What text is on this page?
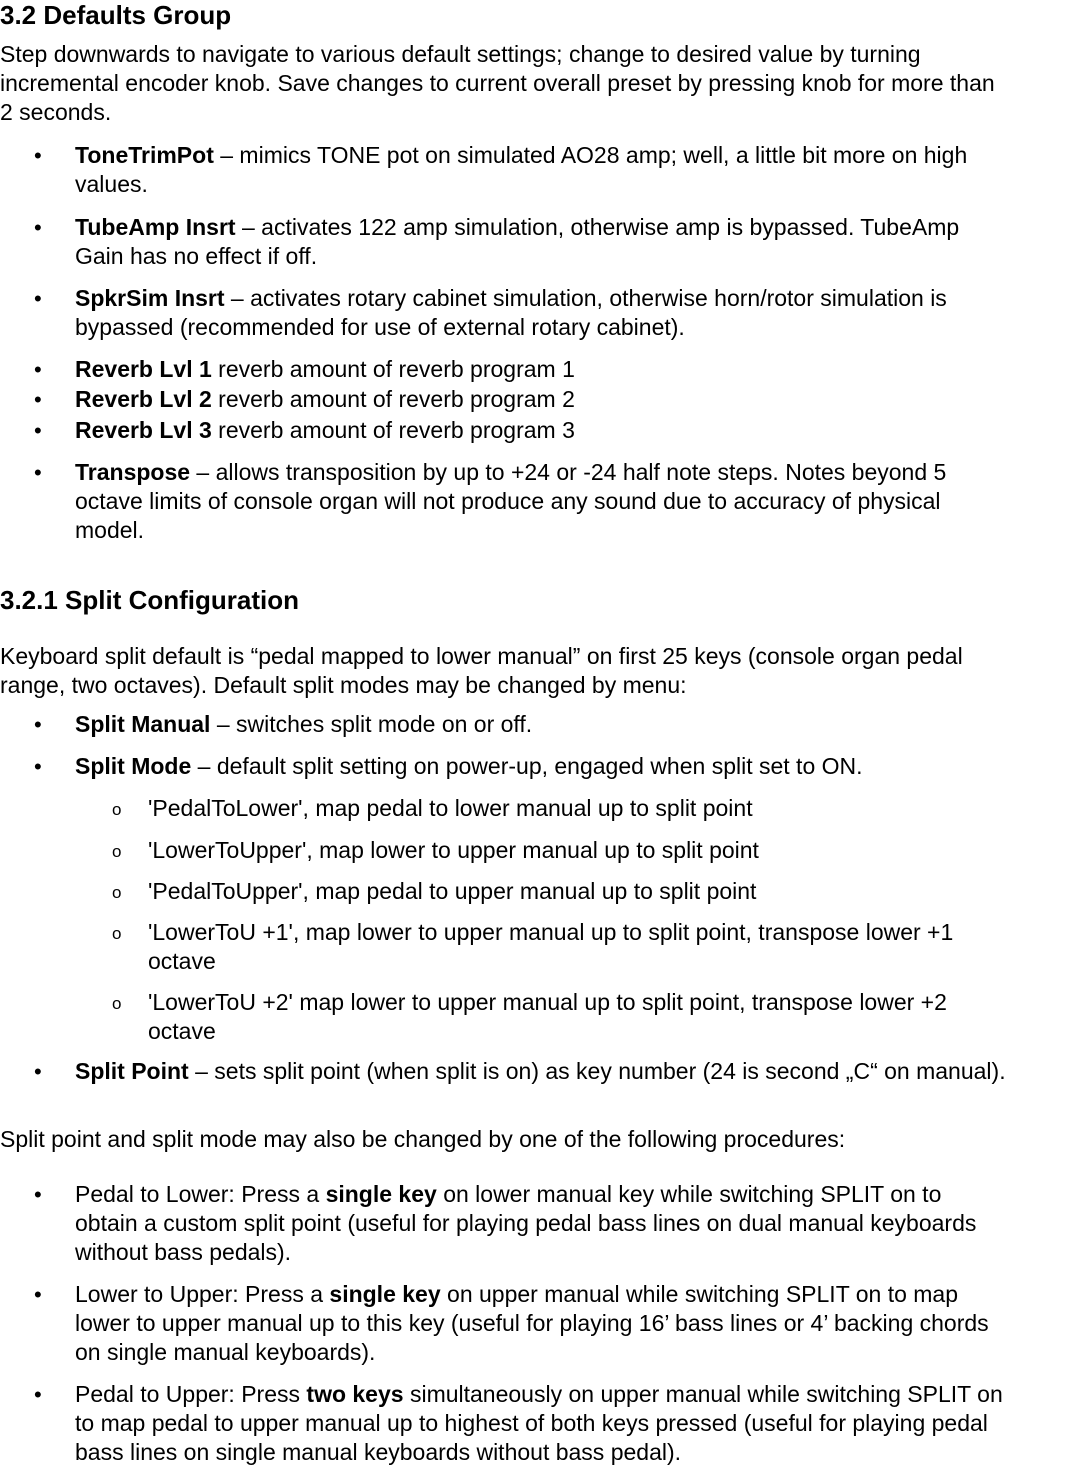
3.2 Defaults Group
Step downwards to navigate to various default settings; change to desired value by turning
incremental encoder knob. Save changes to current overall preset by pressing knob for more than
2 seconds.
• ToneTrimPot – mimics TONE pot on simulated AO28 amp; well, a little bit more on high
values.
• TubeAmp Insrt – activates 122 amp simulation, otherwise amp is bypassed. TubeAmp
Gain has no effect if off.
• SpkrSim Insrt – activates rotary cabinet simulation, otherwise horn/rotor simulation is
bypassed (recommended for use of external rotary cabinet).
• Reverb Lvl 1 reverb amount of reverb program 1
• Reverb Lvl 2 reverb amount of reverb program 2
• Reverb Lvl 3 reverb amount of reverb program 3
• Transpose – allows transposition by up to +24 or -24 half note steps. Notes beyond 5
octave limits of console organ will not produce any sound due to accuracy of physical
model.
3.2.1 Split Configuration
Keyboard split default is “pedal mapped to lower manual” on first 25 keys (console organ pedal
range, two octaves). Default split modes may be changed by menu:
• Split Manual – switches split mode on or off.
• Split Mode – default split setting on power-up, engaged when split set to ON.
o 'PedalToLower', map pedal to lower manual up to split point
o 'LowerToUpper', map lower to upper manual up to split point
o 'PedalToUpper', map pedal to upper manual up to split point
o 'LowerToU +1', map lower to upper manual up to split point, transpose lower +1
octave
o 'LowerToU +2' map lower to upper manual up to split point, transpose lower +2
octave
• Split Point – sets split point (when split is on) as key number (24 is second „C“ on manual).
Split point and split mode may also be changed by one of the following procedures:
• Pedal to Lower: Press a single key on lower manual key while switching SPLIT on to
obtain a custom split point (useful for playing pedal bass lines on dual manual keyboards
without bass pedals).
• Lower to Upper: Press a single key on upper manual while switching SPLIT on to map
lower to upper manual up to this key (useful for playing 16’ bass lines or 4’ backing chords
on single manual keyboards).
• Pedal to Upper: Press two keys simultaneously on upper manual while switching SPLIT on
to map pedal to upper manual up to highest of both keys pressed (useful for playing pedal
bass lines on single manual keyboards without bass pedal).
